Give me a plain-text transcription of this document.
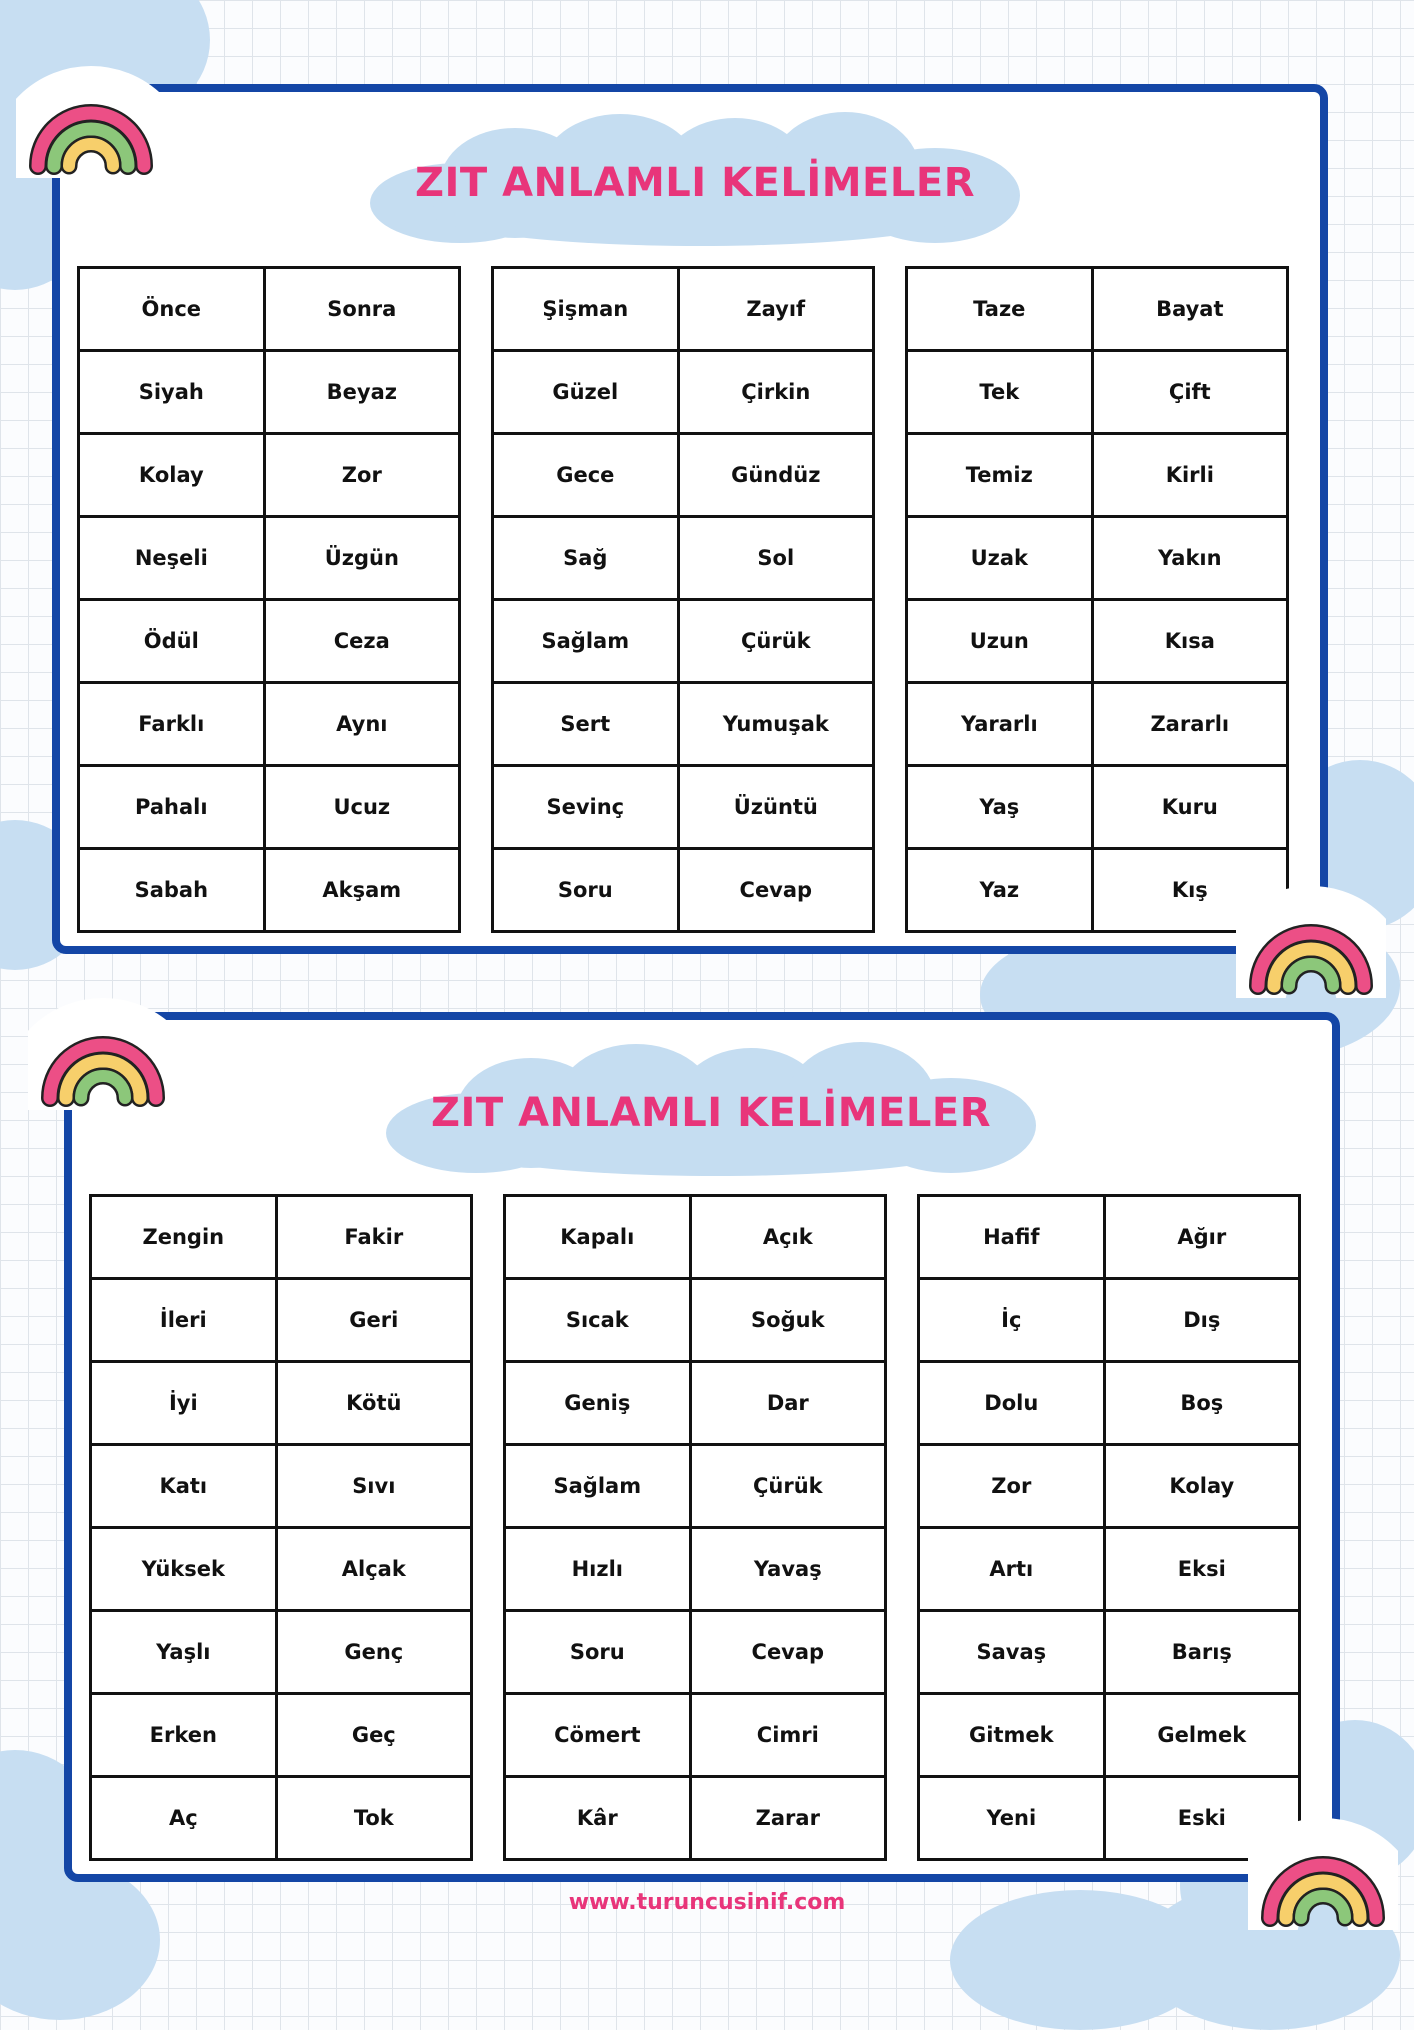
ZIT ANLAMLI KELİMELER
Önce	Sonra
Siyah	Beyaz
Kolay	Zor
Neşeli	Üzgün
Ödül	Ceza
Farklı	Aynı
Pahalı	Ucuz
Sabah	Akşam
Şişman	Zayıf
Güzel	Çirkin
Gece	Gündüz
Sağ	Sol
Sağlam	Çürük
Sert	Yumuşak
Sevinç	Üzüntü
Soru	Cevap
Taze	Bayat
Tek	Çift
Temiz	Kirli
Uzak	Yakın
Uzun	Kısa
Yararlı	Zararlı
Yaş	Kuru
Yaz	Kış
ZIT ANLAMLI KELİMELER
Zengin	Fakir
İleri	Geri
İyi	Kötü
Katı	Sıvı
Yüksek	Alçak
Yaşlı	Genç
Erken	Geç
Aç	Tok
Kapalı	Açık
Sıcak	Soğuk
Geniş	Dar
Sağlam	Çürük
Hızlı	Yavaş
Soru	Cevap
Cömert	Cimri
Kâr	Zarar
Hafif	Ağır
İç	Dış
Dolu	Boş
Zor	Kolay
Artı	Eksi
Savaş	Barış
Gitmek	Gelmek
Yeni	Eski
www.turuncusinif.com
